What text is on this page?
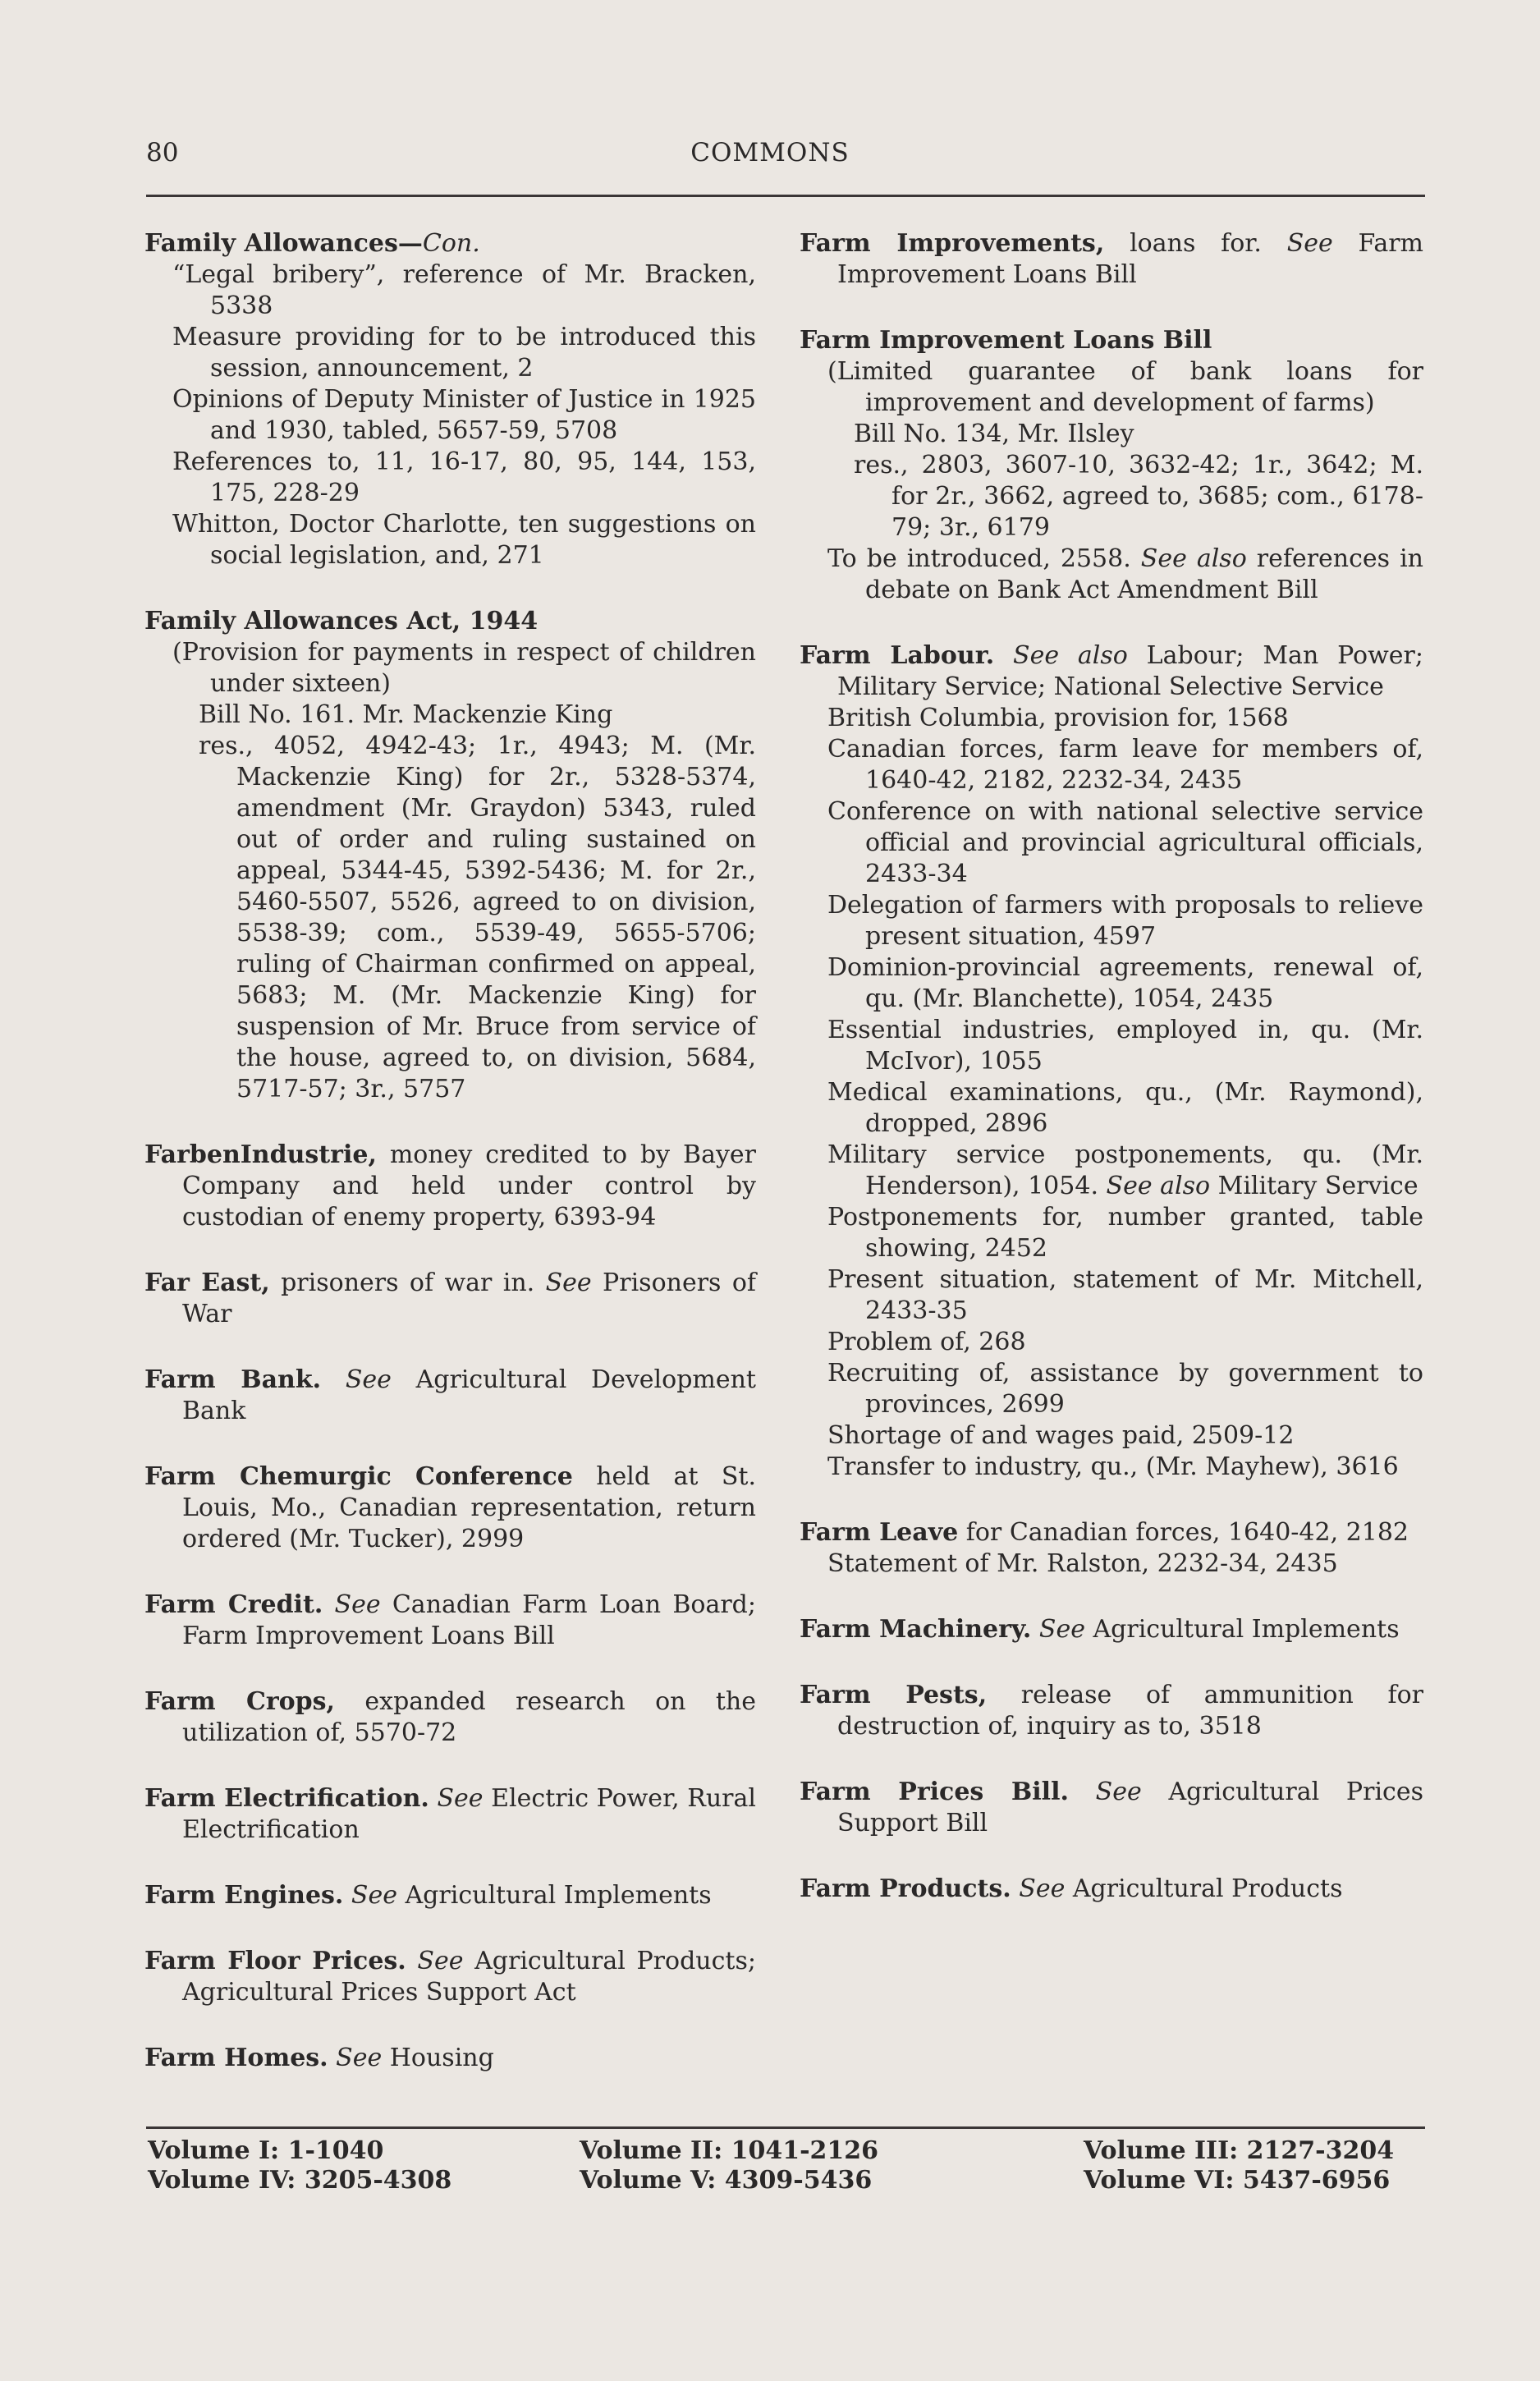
80	COMMONS
Family Allowances—Con.
“Legal bribery”, reference of Mr. Bracken, 5338
Measure providing for to be introduced this session, announcement, 2
Opinions of Deputy Minister of Justice in 1925 and 1930, tabled, 5657-59, 5708
References to, 11, 16-17, 80, 95, 144, 153, 175, 228-29
Whitton, Doctor Charlotte, ten suggestions on social legislation, and, 271
Family Allowances Act, 1944
(Provision for payments in respect of children under sixteen)
Bill No. 161. Mr. Mackenzie King
res., 4052, 4942-43; 1r., 4943; M. (Mr. Mackenzie King) for 2r., 5328-5374, amendment (Mr. Graydon) 5343, ruled out of order and ruling sustained on appeal, 5344-45, 5392-5436; M. for 2r., 5460-5507, 5526, agreed to on division, 5538-39; com., 5539-49, 5655-5706; ruling of Chairman confirmed on appeal, 5683; M. (Mr. Mackenzie King) for suspension of Mr. Bruce from service of the house, agreed to, on division, 5684, 5717-57; 3r., 5757
FarbenIndustrie, money credited to by Bayer Company and held under control by custodian of enemy property, 6393-94
Far East, prisoners of war in. See Prisoners of War
Farm Bank. See Agricultural Development Bank
Farm Chemurgic Conference held at St. Louis, Mo., Canadian representation, return ordered (Mr. Tucker), 2999
Farm Credit. See Canadian Farm Loan Board; Farm Improvement Loans Bill
Farm Crops, expanded research on the utilization of, 5570-72
Farm Electrification. See Electric Power, Rural Electrification
Farm Engines. See Agricultural Implements
Farm Floor Prices. See Agricultural Products; Agricultural Prices Support Act
Farm Homes. See Housing
Farm Improvements, loans for. See Farm Improvement Loans Bill
Farm Improvement Loans Bill
(Limited guarantee of bank loans for improvement and development of farms)
Bill No. 134, Mr. Ilsley
res., 2803, 3607-10, 3632-42; 1r., 3642; M. for 2r., 3662, agreed to, 3685; com., 6178-79; 3r., 6179
To be introduced, 2558. See also references in debate on Bank Act Amendment Bill
Farm Labour. See also Labour; Man Power; Military Service; National Selective Service
British Columbia, provision for, 1568
Canadian forces, farm leave for members of, 1640-42, 2182, 2232-34, 2435
Conference on with national selective service official and provincial agricultural officials, 2433-34
Delegation of farmers with proposals to relieve present situation, 4597
Dominion-provincial agreements, renewal of, qu. (Mr. Blanchette), 1054, 2435
Essential industries, employed in, qu. (Mr. McIvor), 1055
Medical examinations, qu., (Mr. Raymond), dropped, 2896
Military service postponements, qu. (Mr. Henderson), 1054. See also Military Service
Postponements for, number granted, table showing, 2452
Present situation, statement of Mr. Mitchell, 2433-35
Problem of, 268
Recruiting of, assistance by government to provinces, 2699
Shortage of and wages paid, 2509-12
Transfer to industry, qu., (Mr. Mayhew), 3616
Farm Leave for Canadian forces, 1640-42, 2182
Statement of Mr. Ralston, 2232-34, 2435
Farm Machinery. See Agricultural Implements
Farm Pests, release of ammunition for destruction of, inquiry as to, 3518
Farm Prices Bill. See Agricultural Prices Support Bill
Farm Products. See Agricultural Products
Volume I: 1-1040
Volume IV: 3205-4308
Volume II: 1041-2126
Volume V: 4309-5436
Volume III: 2127-3204
Volume VI: 5437-6956
